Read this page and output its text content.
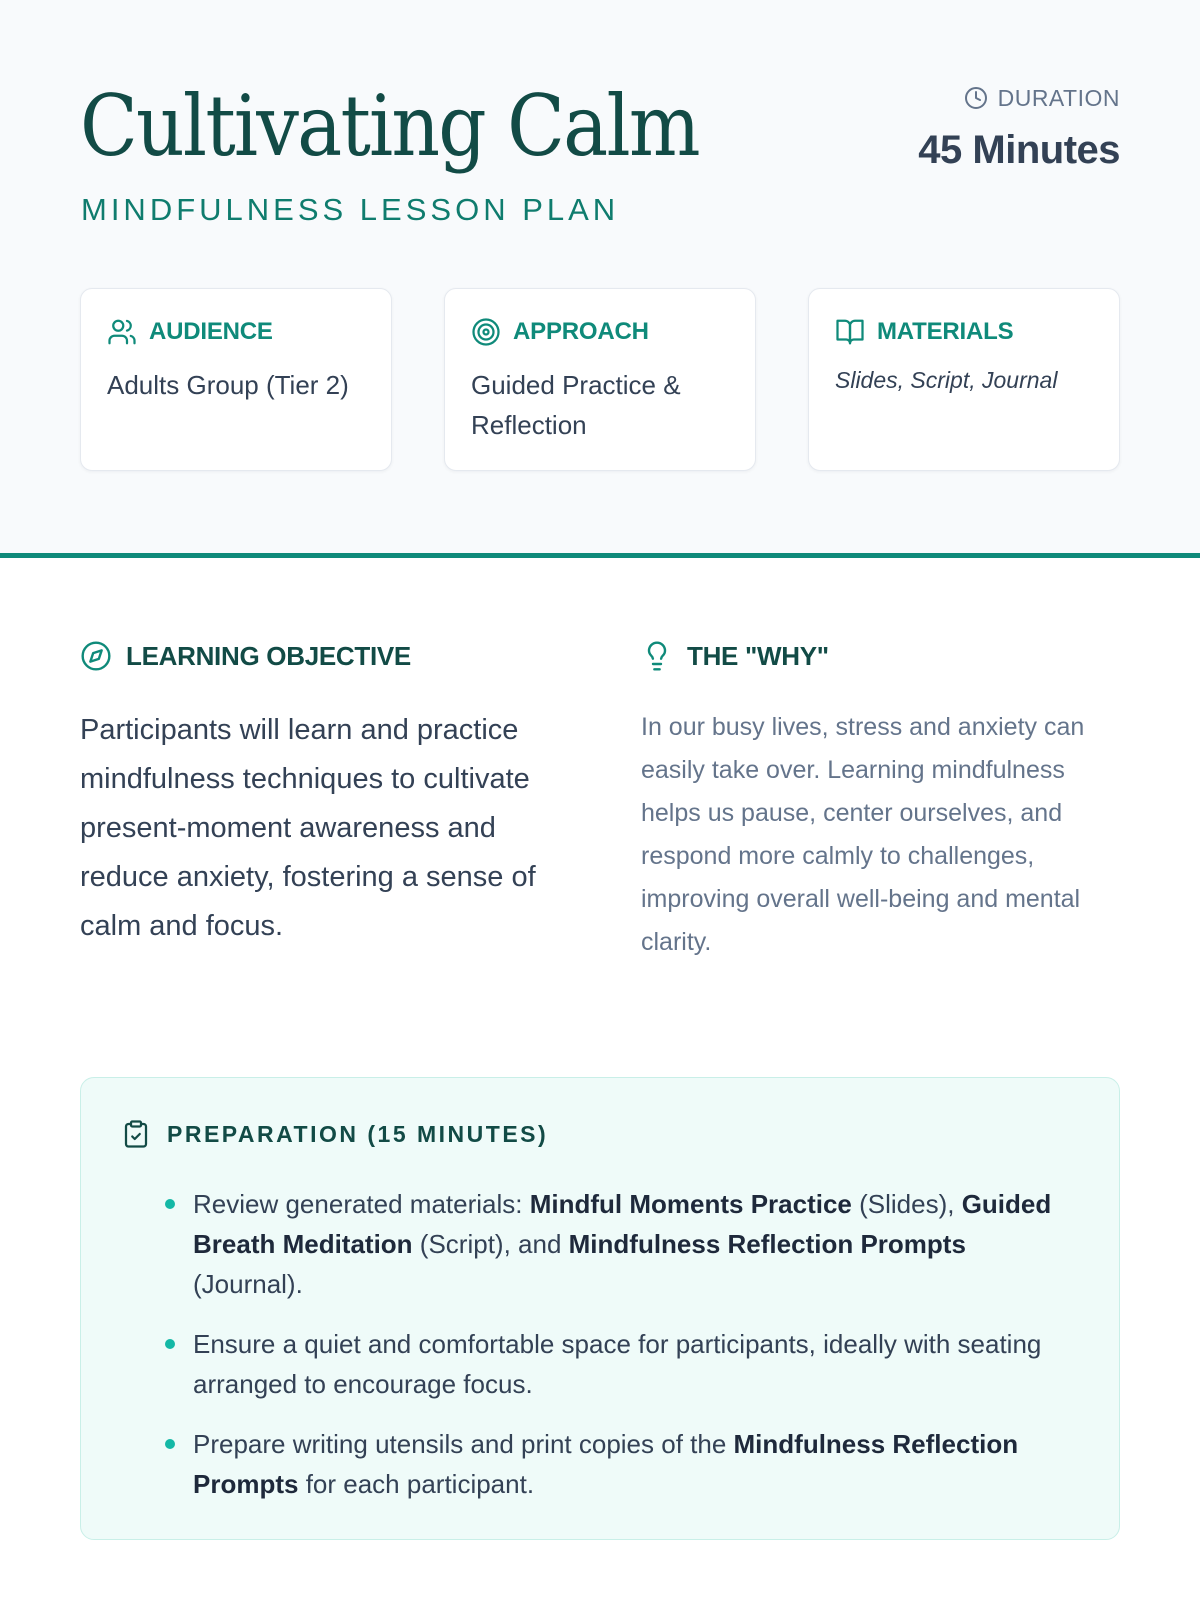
Cultivating Calm
MINDFULNESS LESSON PLAN
DURATION
45 Minutes
AUDIENCE
Adults Group (Tier 2)
APPROACH
Guided Practice & Reflection
MATERIALS
Slides, Script, Journal
LEARNING OBJECTIVE
Participants will learn and practice mindfulness techniques to cultivate present-moment awareness and reduce anxiety, fostering a sense of calm and focus.
THE "WHY"
In our busy lives, stress and anxiety can easily take over. Learning mindfulness helps us pause, center ourselves, and respond more calmly to challenges, improving overall well-being and mental clarity.
PREPARATION (15 MINUTES)
Review generated materials: Mindful Moments Practice (Slides), Guided Breath Meditation (Script), and Mindfulness Reflection Prompts (Journal).
Ensure a quiet and comfortable space for participants, ideally with seating arranged to encourage focus.
Prepare writing utensils and print copies of the Mindfulness Reflection Prompts for each participant.
